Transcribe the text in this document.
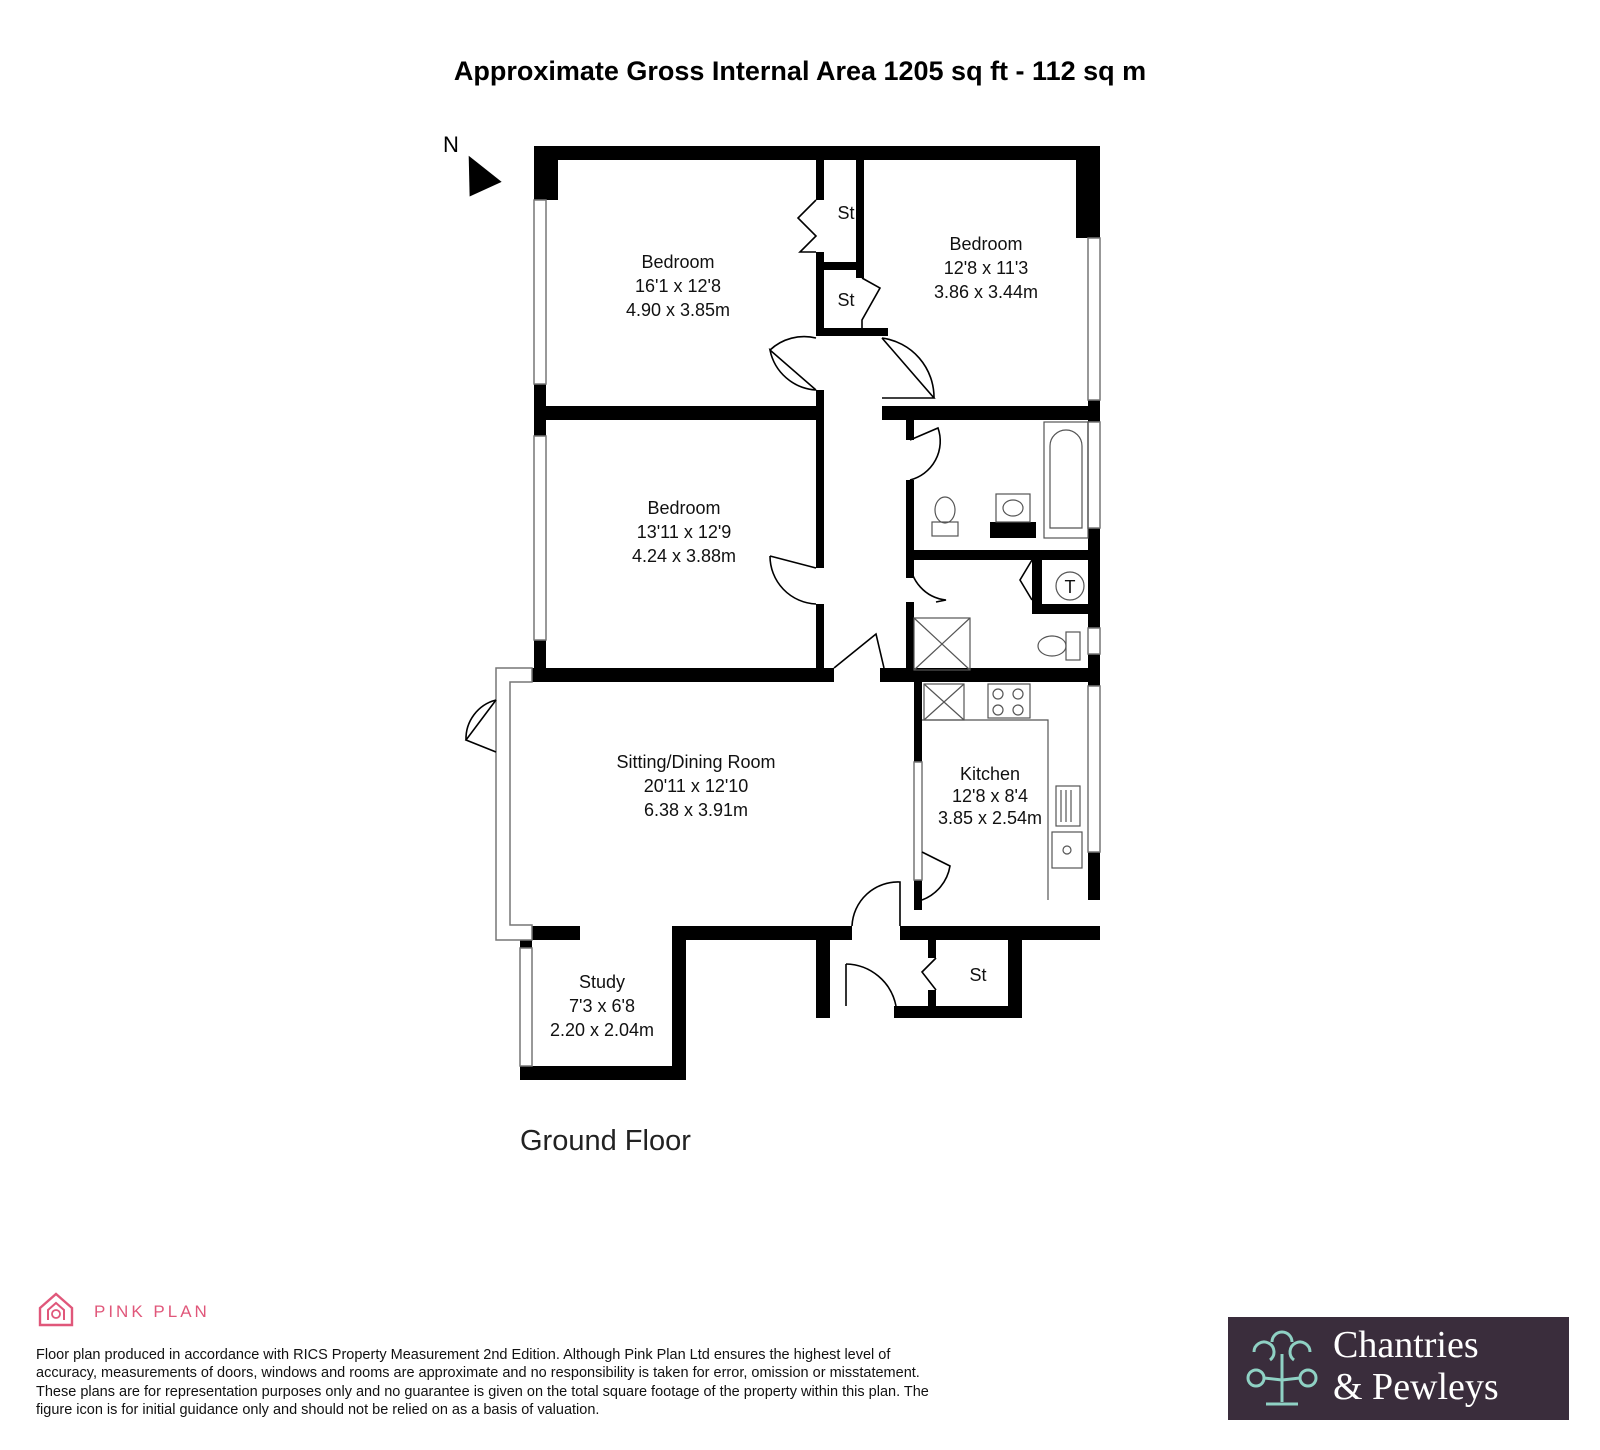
Approximate Gross Internal Area 1205 sq ft - 112 sq m
N
T
Bedroom
16'1 x 12'8
4.90 x 3.85m
Bedroom
12'8 x 11'3
3.86 x 3.44m
Bedroom
13'11 x 12'9
4.24 x 3.88m
Sitting/Dining Room
20'11 x 12'10
6.38 x 3.91m
Kitchen
12'8 x 8'4
3.85 x 2.54m
Study
7'3 x 6'8
2.20 x 2.04m
St
St
St
Ground Floor
PINK PLAN
Floor plan produced in accordance with RICS Property Measurement 2nd Edition. Although Pink Plan Ltd ensures the highest level of accuracy, measurements of doors, windows and rooms are approximate and no responsibility is taken for error, omission or misstatement. These plans are for representation purposes only and no guarantee is given on the total square footage of the property within this plan. The figure icon is for initial guidance only and should not be relied on as a basis of valuation.
Chantries
& Pewleys
